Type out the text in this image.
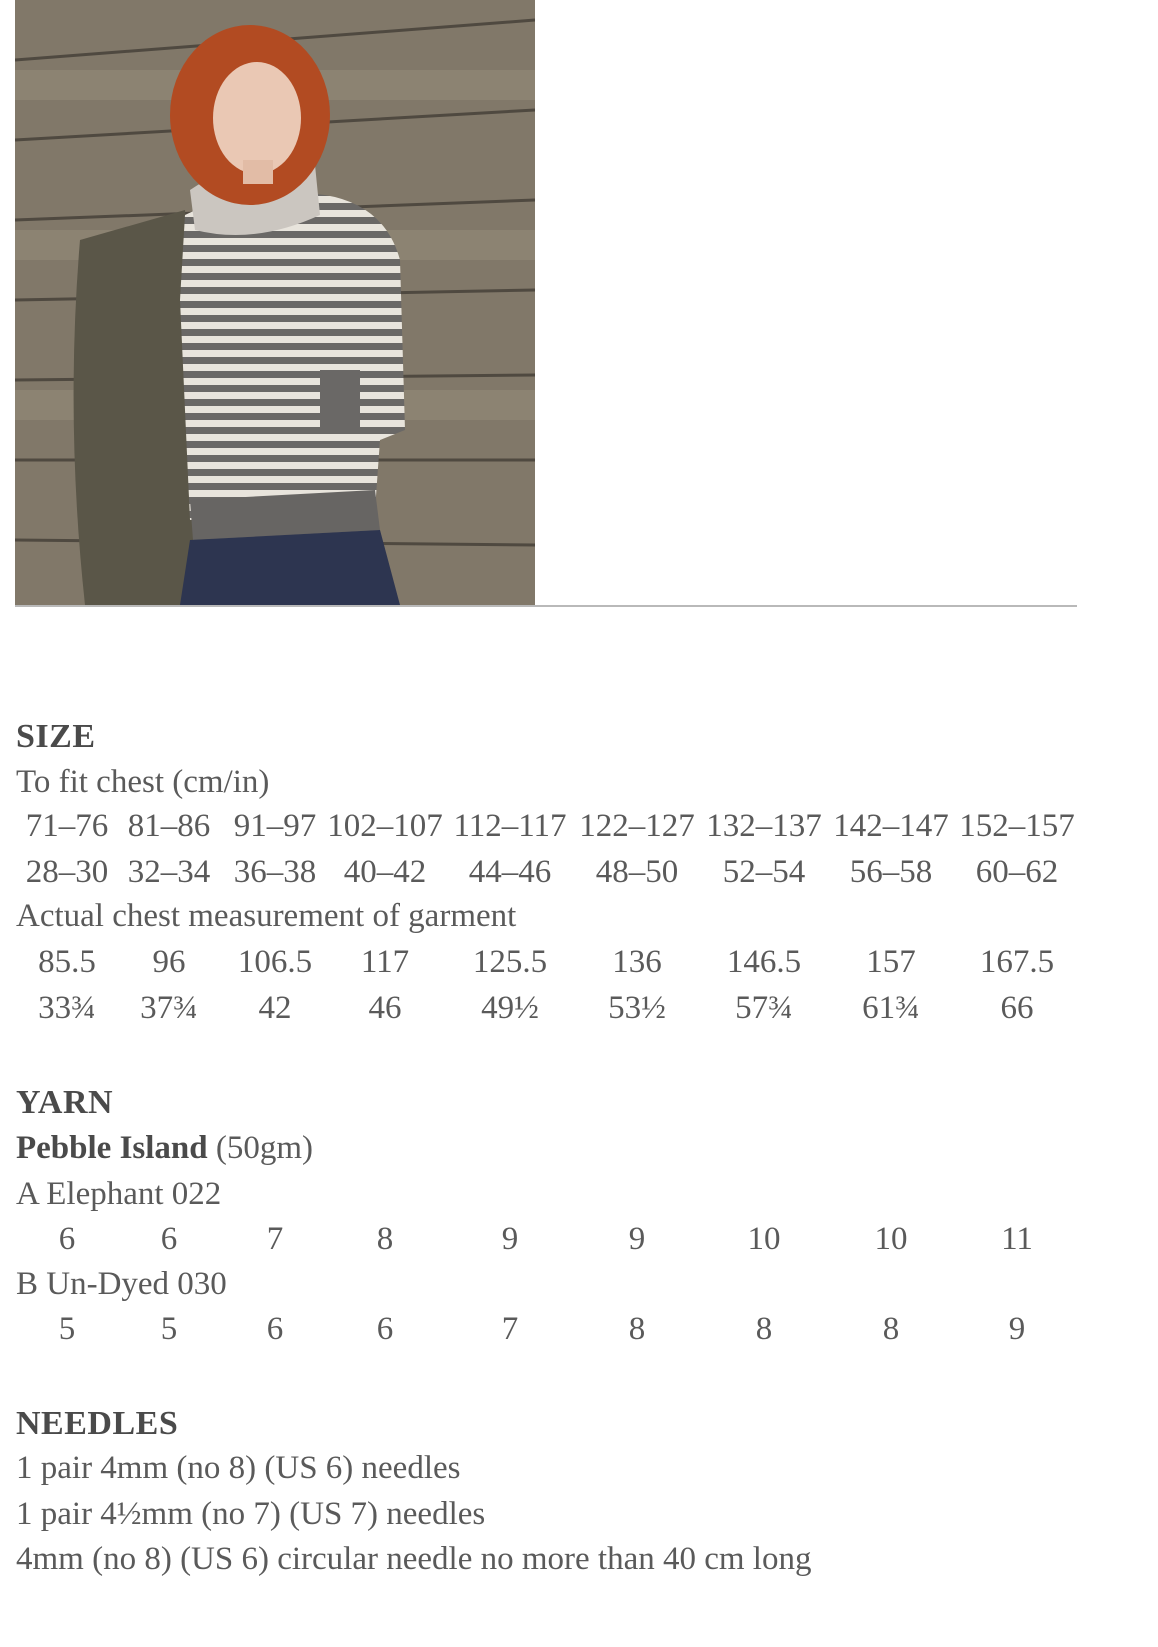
SIZE

To fit chest (cm/in)

71–76 81–86 91–97 102–107 112–117 122–127 132–137 142–147 152–157
28–30 32–34 36–38 40–42	44–46	48–50	52–54	56–58	60–62

Actual chest measurement of garment

85.5	96	106.5	117	125.5	136	146.5	157	167.5
33¾	37¾	42	46	49½	53½	57¾	61¾	66
YARN

Pebble Island (50gm)

A Elephant 022

6	6	7	8	9	9	10	10	11

B Un-Dyed 030

5	5	6	6	7	8	8	8	9
NEEDLES

1 pair 4mm (no 8) (US 6) needles

1 pair 4½mm (no 7) (US 7) needles

4mm (no 8) (US 6) circular needle no more than 40 cm long
